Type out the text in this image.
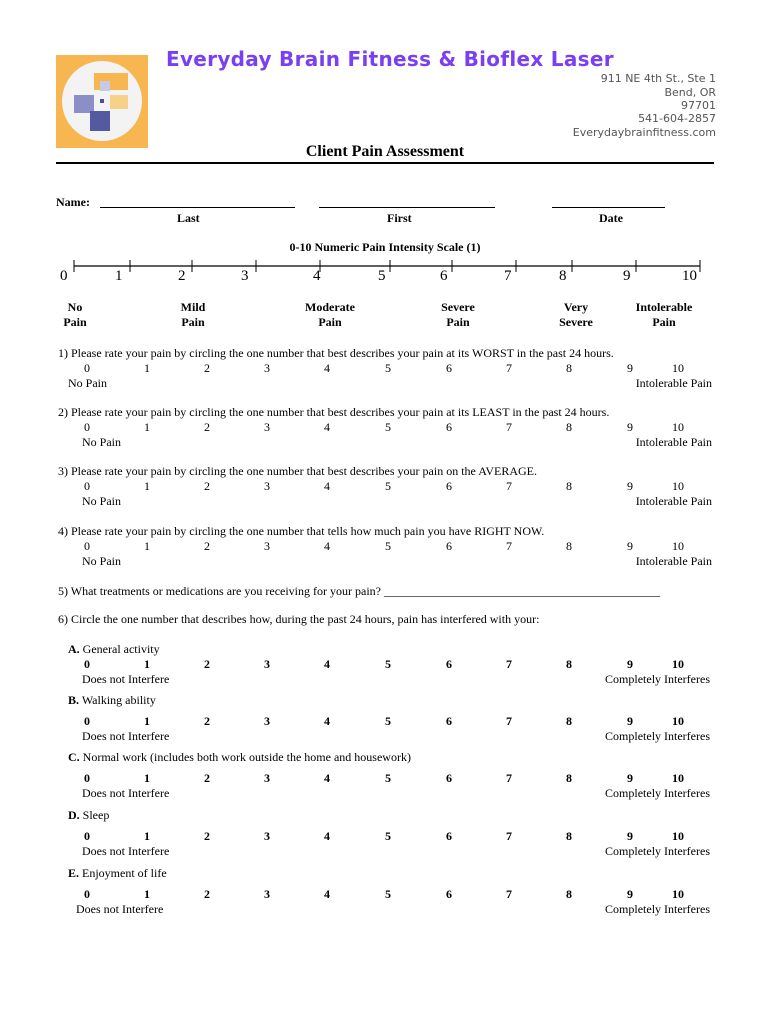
Everyday Brain Fitness & Bioflex Laser
911 NE 4th St., Ste 1
Bend, OR
97701
541-604-2857
Everydaybrainfitness.com
Client Pain Assessment
Name:
Last	First	Date
0-10 Numeric Pain Intensity Scale (1)
0	1	2	3	4	5	6	7	8	9	10
No
Pain
Mild
Pain
Moderate
Pain
Severe
Pain
Very
Severe
Intolerable
Pain
1) Please rate your pain by circling the one number that best describes your pain at its WORST in the past 24 hours.
0	1	2	3	4	5	6	7	8	9	10
No Pain	Intolerable Pain
2) Please rate your pain by circling the one number that best describes your pain at its LEAST in the past 24 hours.
0	1	2	3	4	5	6	7	8	9	10
No Pain	Intolerable Pain
3) Please rate your pain by circling the one number that best describes your pain on the AVERAGE.
0	1	2	3	4	5	6	7	8	9	10
No Pain	Intolerable Pain
4) Please rate your pain by circling the one number that tells how much pain you have RIGHT NOW.
0	1	2	3	4	5	6	7	8	9	10
No Pain	Intolerable Pain
5) What treatments or medications are you receiving for your pain? ______________________________________________
6) Circle the one number that describes how, during the past 24 hours, pain has interfered with your:
A. General activity
0	1	2	3	4	5	6	7	8	9	10
Does not Interfere	Completely Interferes
B. Walking ability
0	1	2	3	4	5	6	7	8	9	10
Does not Interfere	Completely Interferes
C. Normal work (includes both work outside the home and housework)
0	1	2	3	4	5	6	7	8	9	10
Does not Interfere	Completely Interferes
D. Sleep
0	1	2	3	4	5	6	7	8	9	10
Does not Interfere	Completely Interferes
E. Enjoyment of life
0	1	2	3	4	5	6	7	8	9	10
Does not Interfere	Completely Interferes
